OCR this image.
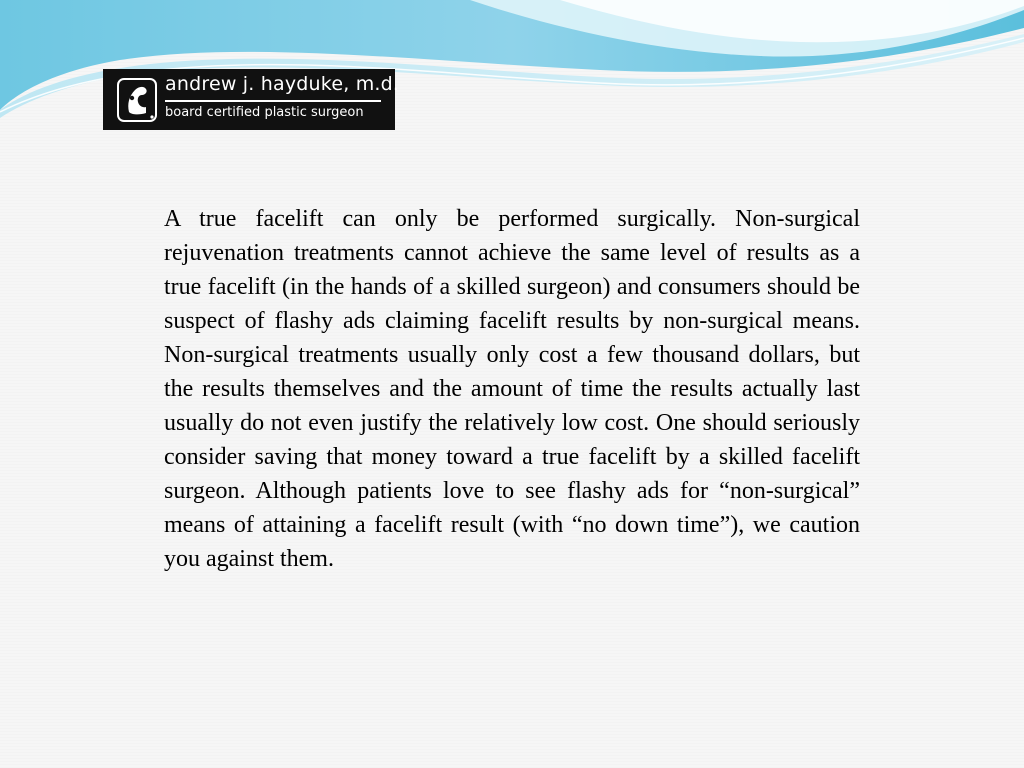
andrew j. hayduke, m.d.
board certified plastic surgeon

A true facelift can only be performed surgically. Non-surgical rejuvenation treatments cannot achieve the same level of results as a true facelift (in the hands of a skilled surgeon) and consumers should be suspect of flashy ads claiming facelift results by non-surgical means. Non-surgical treatments usually only cost a few thousand dollars, but the results themselves and the amount of time the results actually last usually do not even justify the relatively low cost. One should seriously consider saving that money toward a true facelift by a skilled facelift surgeon. Although patients love to see flashy ads for “non-surgical” means of attaining a facelift result (with “no down time”), we caution you against them.
